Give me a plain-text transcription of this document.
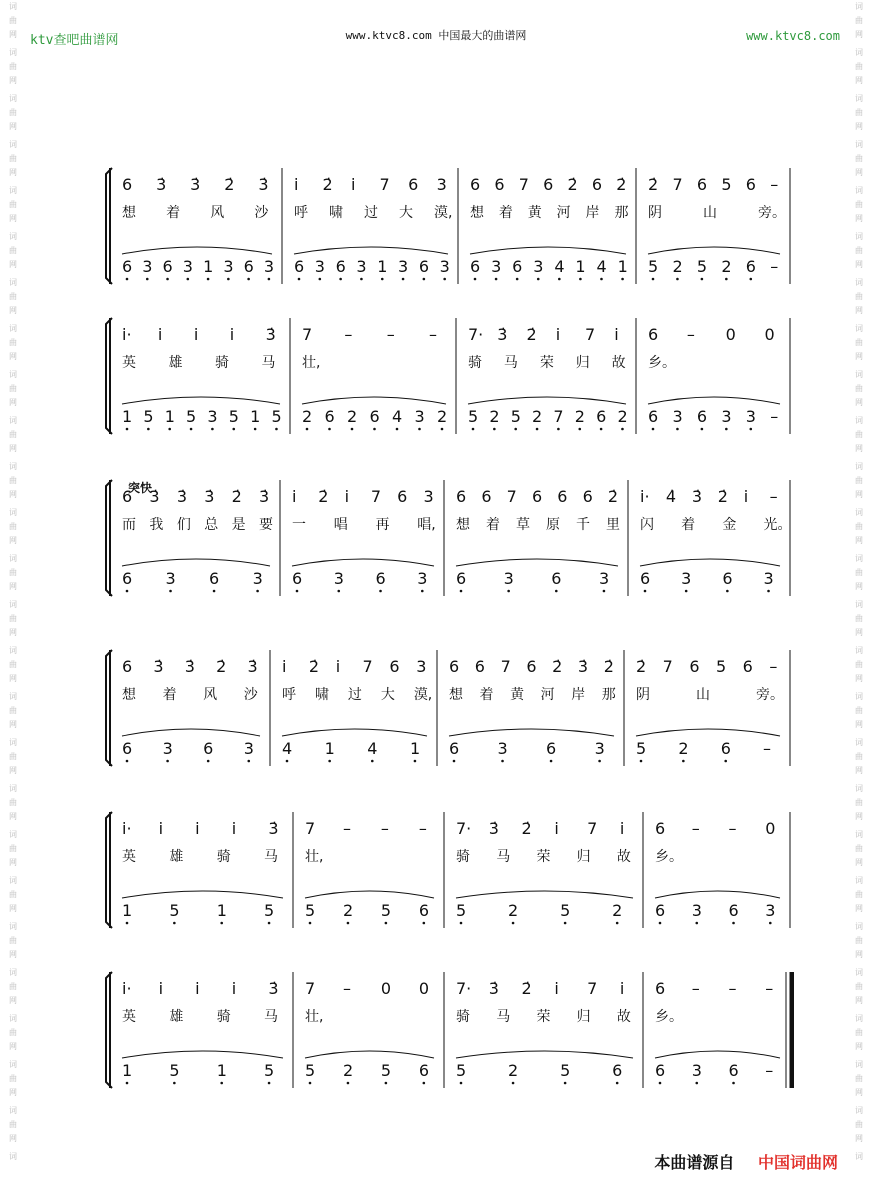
词
曲
网
词
曲
网
词
曲
网
词
曲
网
词
曲
网
词
曲
网
词
曲
网
词
曲
网
词
曲
网
词
曲
网
词
曲
网
词
曲
网
词
曲
网
词
曲
网
词
曲
网
词
曲
网
词
曲
网
词
曲
网
词
曲
网
词
曲
网
词
曲
网
词
曲
网
词
曲
网
词
曲
网
词
曲
网
词
词
曲
网
词
曲
网
词
曲
网
词
曲
网
词
曲
网
词
曲
网
词
曲
网
词
曲
网
词
曲
网
词
曲
网
词
曲
网
词
曲
网
词
曲
网
词
曲
网
词
曲
网
词
曲
网
词
曲
网
词
曲
网
词
曲
网
词
曲
网
词
曲
网
词
曲
网
词
曲
网
词
曲
网
词
曲
网
词
www.ktvc8.com 中国最大的曲谱网
ktv查吧曲谱网	www.ktvc8.com
6 3̇ 3̇ 2̇ 3̇
想 着 风 沙
6 3 6 3 1 3 6 3
i 2̇ i 7 6 3
呼 啸 过 大 漠,
6 3 6 3 1 3 6 3
6 6 7 6 2̇ 6 2̇
想 着 黄 河 岸 那
6 3 6 3 4 1 4 1
2̇ 7 6 5 6 –
阴	山	旁。
5 2 5 2 6 –
i· i i i 3̇
英 雄 骑 马
1 5 1 5 3 5 1 5
7 – – –
壮,
2 6 2 6 4 3 2
7· 3̇ 2̇ i 7 i
骑 马 荣 归 故
5 2 5 2 7 2 6 2
6 – 0 0
乡。
6 3 6 3 3 –
6 3̇ 3̇ 3̇ 2̇ 3̇
而 我 们 总 是 要
6 3 6 3
i 2̇ i 7 6 3
一 唱 再 唱,
6 3 6 3
6 6 7 6 6 6 2̇
想 着 草 原 千 里
6 3 6 3
i· 4̇ 3̇ 2̇ i –
闪 着 金 光。
6 3 6 3
突快
6 3̇ 3̇ 2̇ 3̇
想 着 风 沙
6 3 6 3
i 2̇ i 7 6 3
呼 啸 过 大 漠,
4 1 4 1
6 6 7 6 2̇ 3̇ 2̇
想 着 黄 河 岸 那
6 3 6 3
2̇ 7 6 5 6 –
阴	山	旁。
5 2 6 –
i· i i i 3̇
英 雄 骑 马
1 5 1 5
7 – – –
壮,
5 2 5 6
7· 3̇ 2̇ i 7 i
骑 马 荣 归 故
5	2	5	2
6 – – 0
乡。
6 3 6 3
i· i i i 3̇
英 雄 骑 马
1 5 1 5
7 – 0 0
壮,
5 2 5 6
7· 3̇ 2̇ i 7 i
骑 马 荣 归 故
5	2	5	6
6 – – –
乡。
6 3 6 –
本曲谱源自 中国词曲网
